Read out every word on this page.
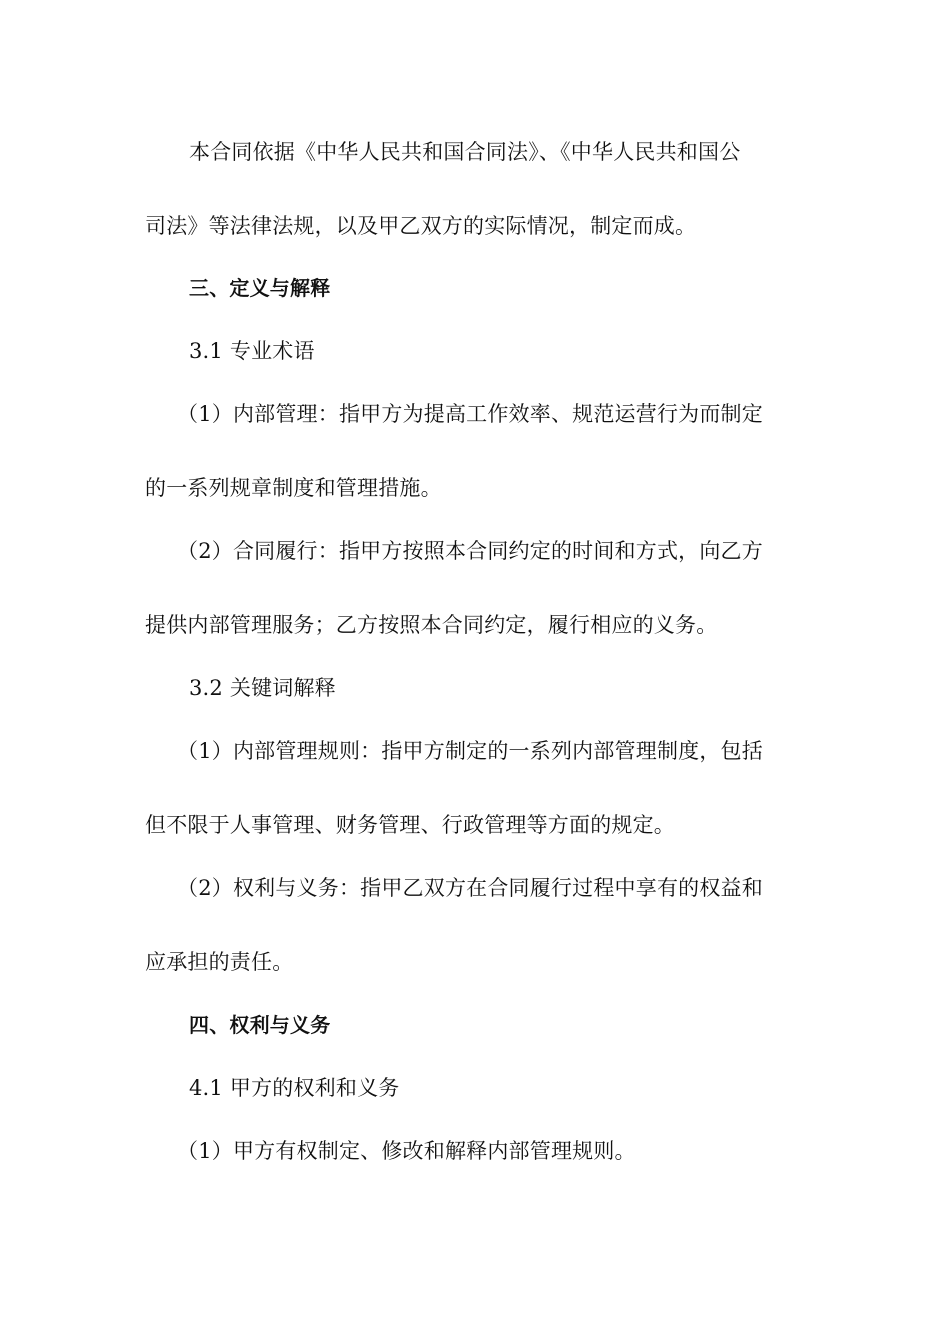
本合同依据《中华人民共和国合同法》、《中华人民共和国公
司法》等法律法规，以及甲乙双方的实际情况，制定而成。
三、定义与解释
3.1 专业术语
（1）内部管理：指甲方为提高工作效率、规范运营行为而制定
的一系列规章制度和管理措施。
（2）合同履行：指甲方按照本合同约定的时间和方式，向乙方
提供内部管理服务；乙方按照本合同约定，履行相应的义务。
3.2 关键词解释
（1）内部管理规则：指甲方制定的一系列内部管理制度，包括
但不限于人事管理、财务管理、行政管理等方面的规定。
（2）权利与义务：指甲乙双方在合同履行过程中享有的权益和
应承担的责任。
四、权利与义务
4.1 甲方的权利和义务
（1）甲方有权制定、修改和解释内部管理规则。
